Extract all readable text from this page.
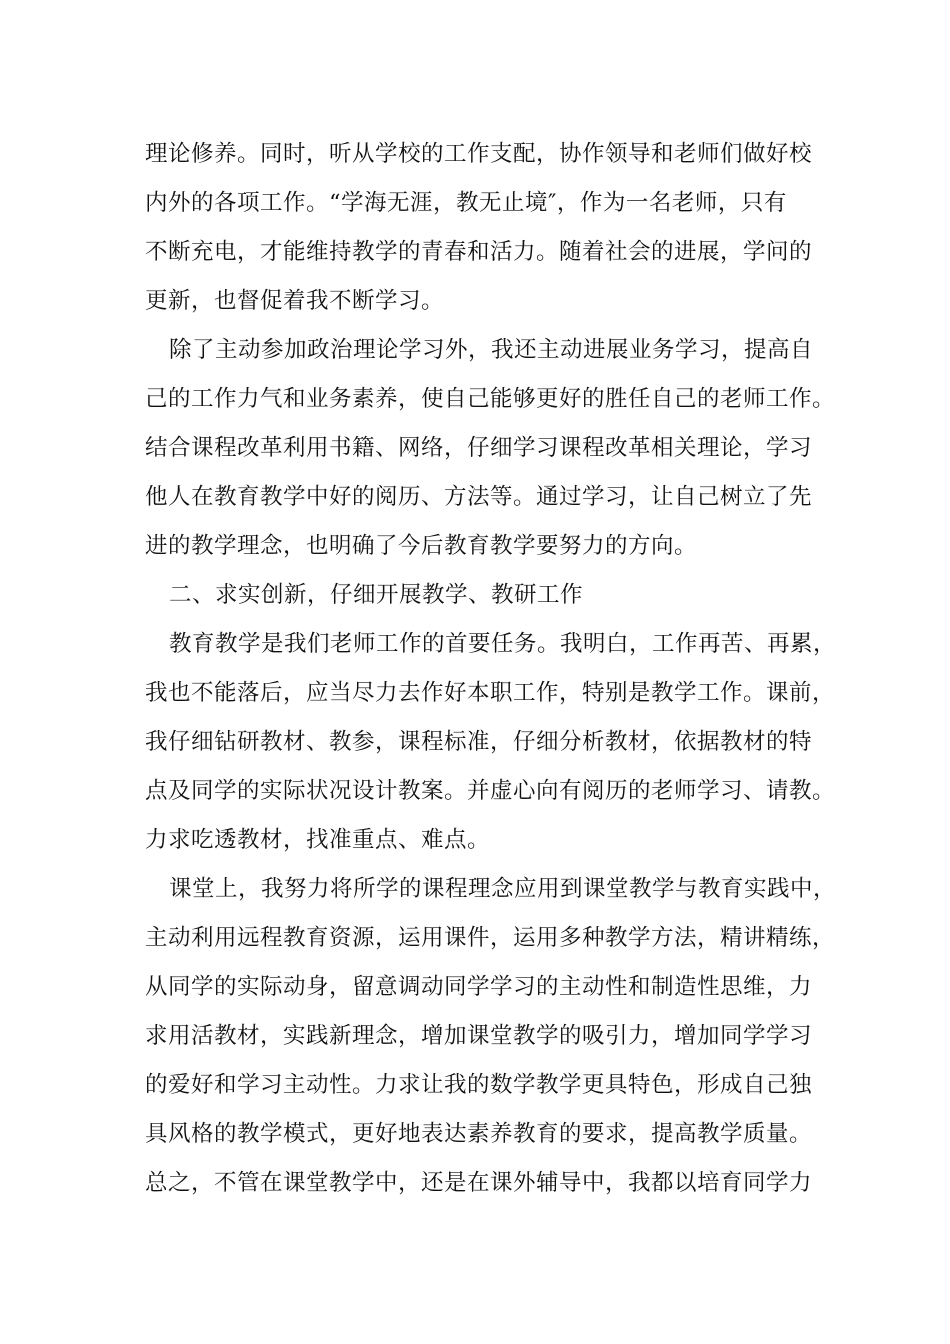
理论修养。同时，听从学校的工作支配，协作领导和老师们做好校
内外的各项工作。“学海无涯，教无止境″，作为一名老师，只有
不断充电，才能维持教学的青春和活力。随着社会的进展，学问的
更新，也督促着我不断学习。
除了主动参加政治理论学习外，我还主动进展业务学习，提高自
己的工作力气和业务素养，使自己能够更好的胜任自己的老师工作。
结合课程改革利用书籍、网络，仔细学习课程改革相关理论，学习
他人在教育教学中好的阅历、方法等。通过学习，让自己树立了先
进的教学理念，也明确了今后教育教学要努力的方向。
二、求实创新，仔细开展教学、教研工作
教育教学是我们老师工作的首要任务。我明白，工作再苦、再累，
我也不能落后，应当尽力去作好本职工作，特别是教学工作。课前，
我仔细钻研教材、教参，课程标准，仔细分析教材，依据教材的特
点及同学的实际状况设计教案。并虚心向有阅历的老师学习、请教。
力求吃透教材，找准重点、难点。
课堂上，我努力将所学的课程理念应用到课堂教学与教育实践中，
主动利用远程教育资源，运用课件，运用多种教学方法，精讲精练，
从同学的实际动身，留意调动同学学习的主动性和制造性思维，力
求用活教材，实践新理念，增加课堂教学的吸引力，增加同学学习
的爱好和学习主动性。力求让我的数学教学更具特色，形成自己独
具风格的教学模式，更好地表达素养教育的要求，提高教学质量。
总之，不管在课堂教学中，还是在课外辅导中，我都以培育同学力
